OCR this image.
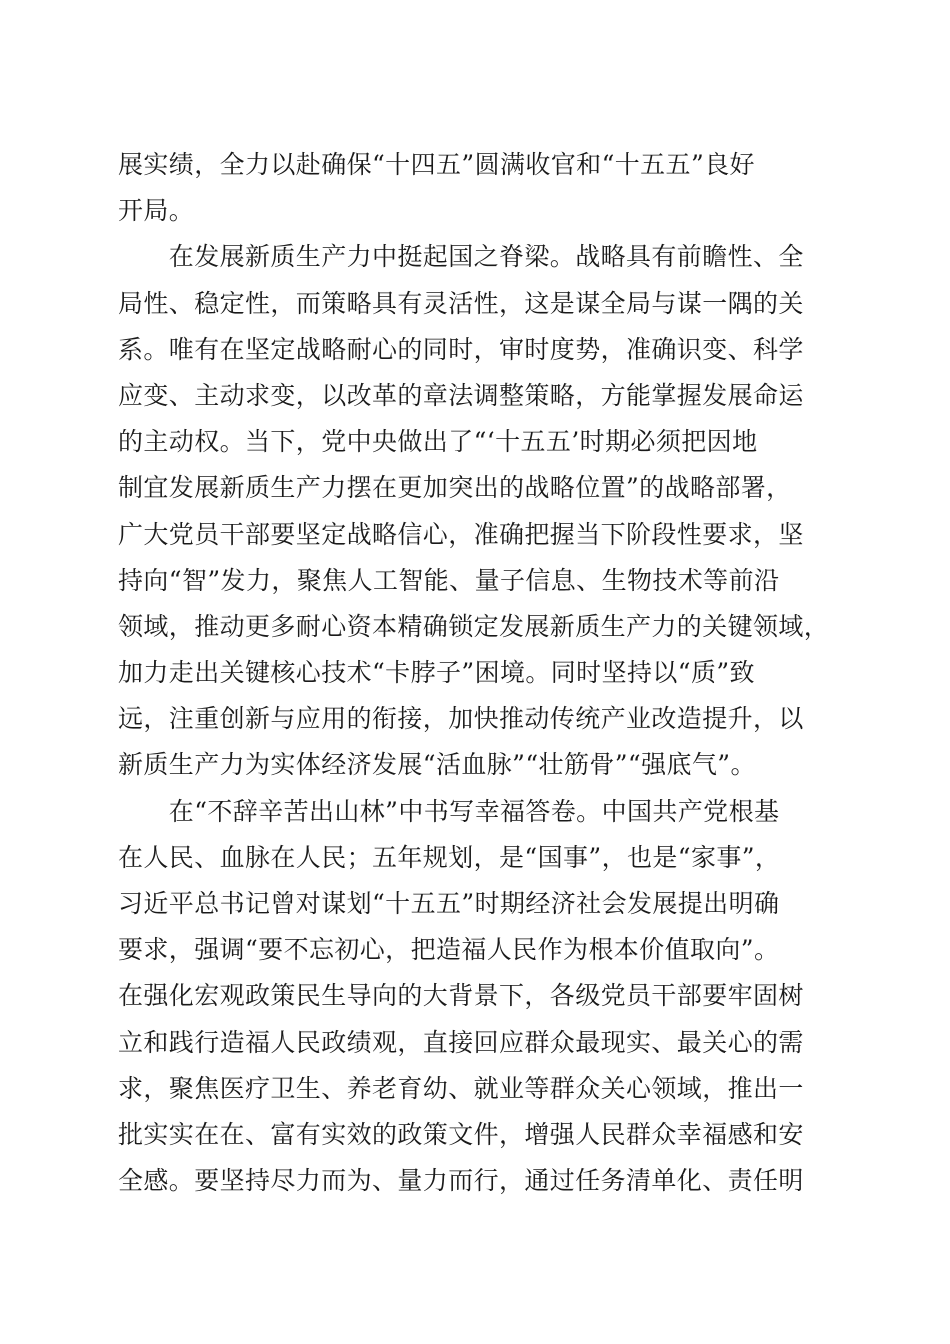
展实绩，全力以赴确保“十四五”圆满收官和“十五五”良好
开局。
　　在发展新质生产力中挺起国之脊梁。战略具有前瞻性、全
局性、稳定性，而策略具有灵活性，这是谋全局与谋一隅的关
系。唯有在坚定战略耐心的同时，审时度势，准确识变、科学
应变、主动求变，以改革的章法调整策略，方能掌握发展命运
的主动权。当下，党中央做出了“‘十五五’时期必须把因地
制宜发展新质生产力摆在更加突出的战略位置”的战略部署，
广大党员干部要坚定战略信心，准确把握当下阶段性要求，坚
持向“智”发力，聚焦人工智能、量子信息、生物技术等前沿
领域，推动更多耐心资本精确锁定发展新质生产力的关键领域，
加力走出关键核心技术“卡脖子”困境。同时坚持以“质”致
远，注重创新与应用的衔接，加快推动传统产业改造提升，以
新质生产力为实体经济发展“活血脉”“壮筋骨”“强底气”。
　　在“不辞辛苦出山林”中书写幸福答卷。中国共产党根基
在人民、血脉在人民；五年规划，是“国事”，也是“家事”，
习近平总书记曾对谋划“十五五”时期经济社会发展提出明确
要求，强调“要不忘初心，把造福人民作为根本价值取向”。
在强化宏观政策民生导向的大背景下，各级党员干部要牢固树
立和践行造福人民政绩观，直接回应群众最现实、最关心的需
求，聚焦医疗卫生、养老育幼、就业等群众关心领域，推出一
批实实在在、富有实效的政策文件，增强人民群众幸福感和安
全感。要坚持尽力而为、量力而行，通过任务清单化、责任明
